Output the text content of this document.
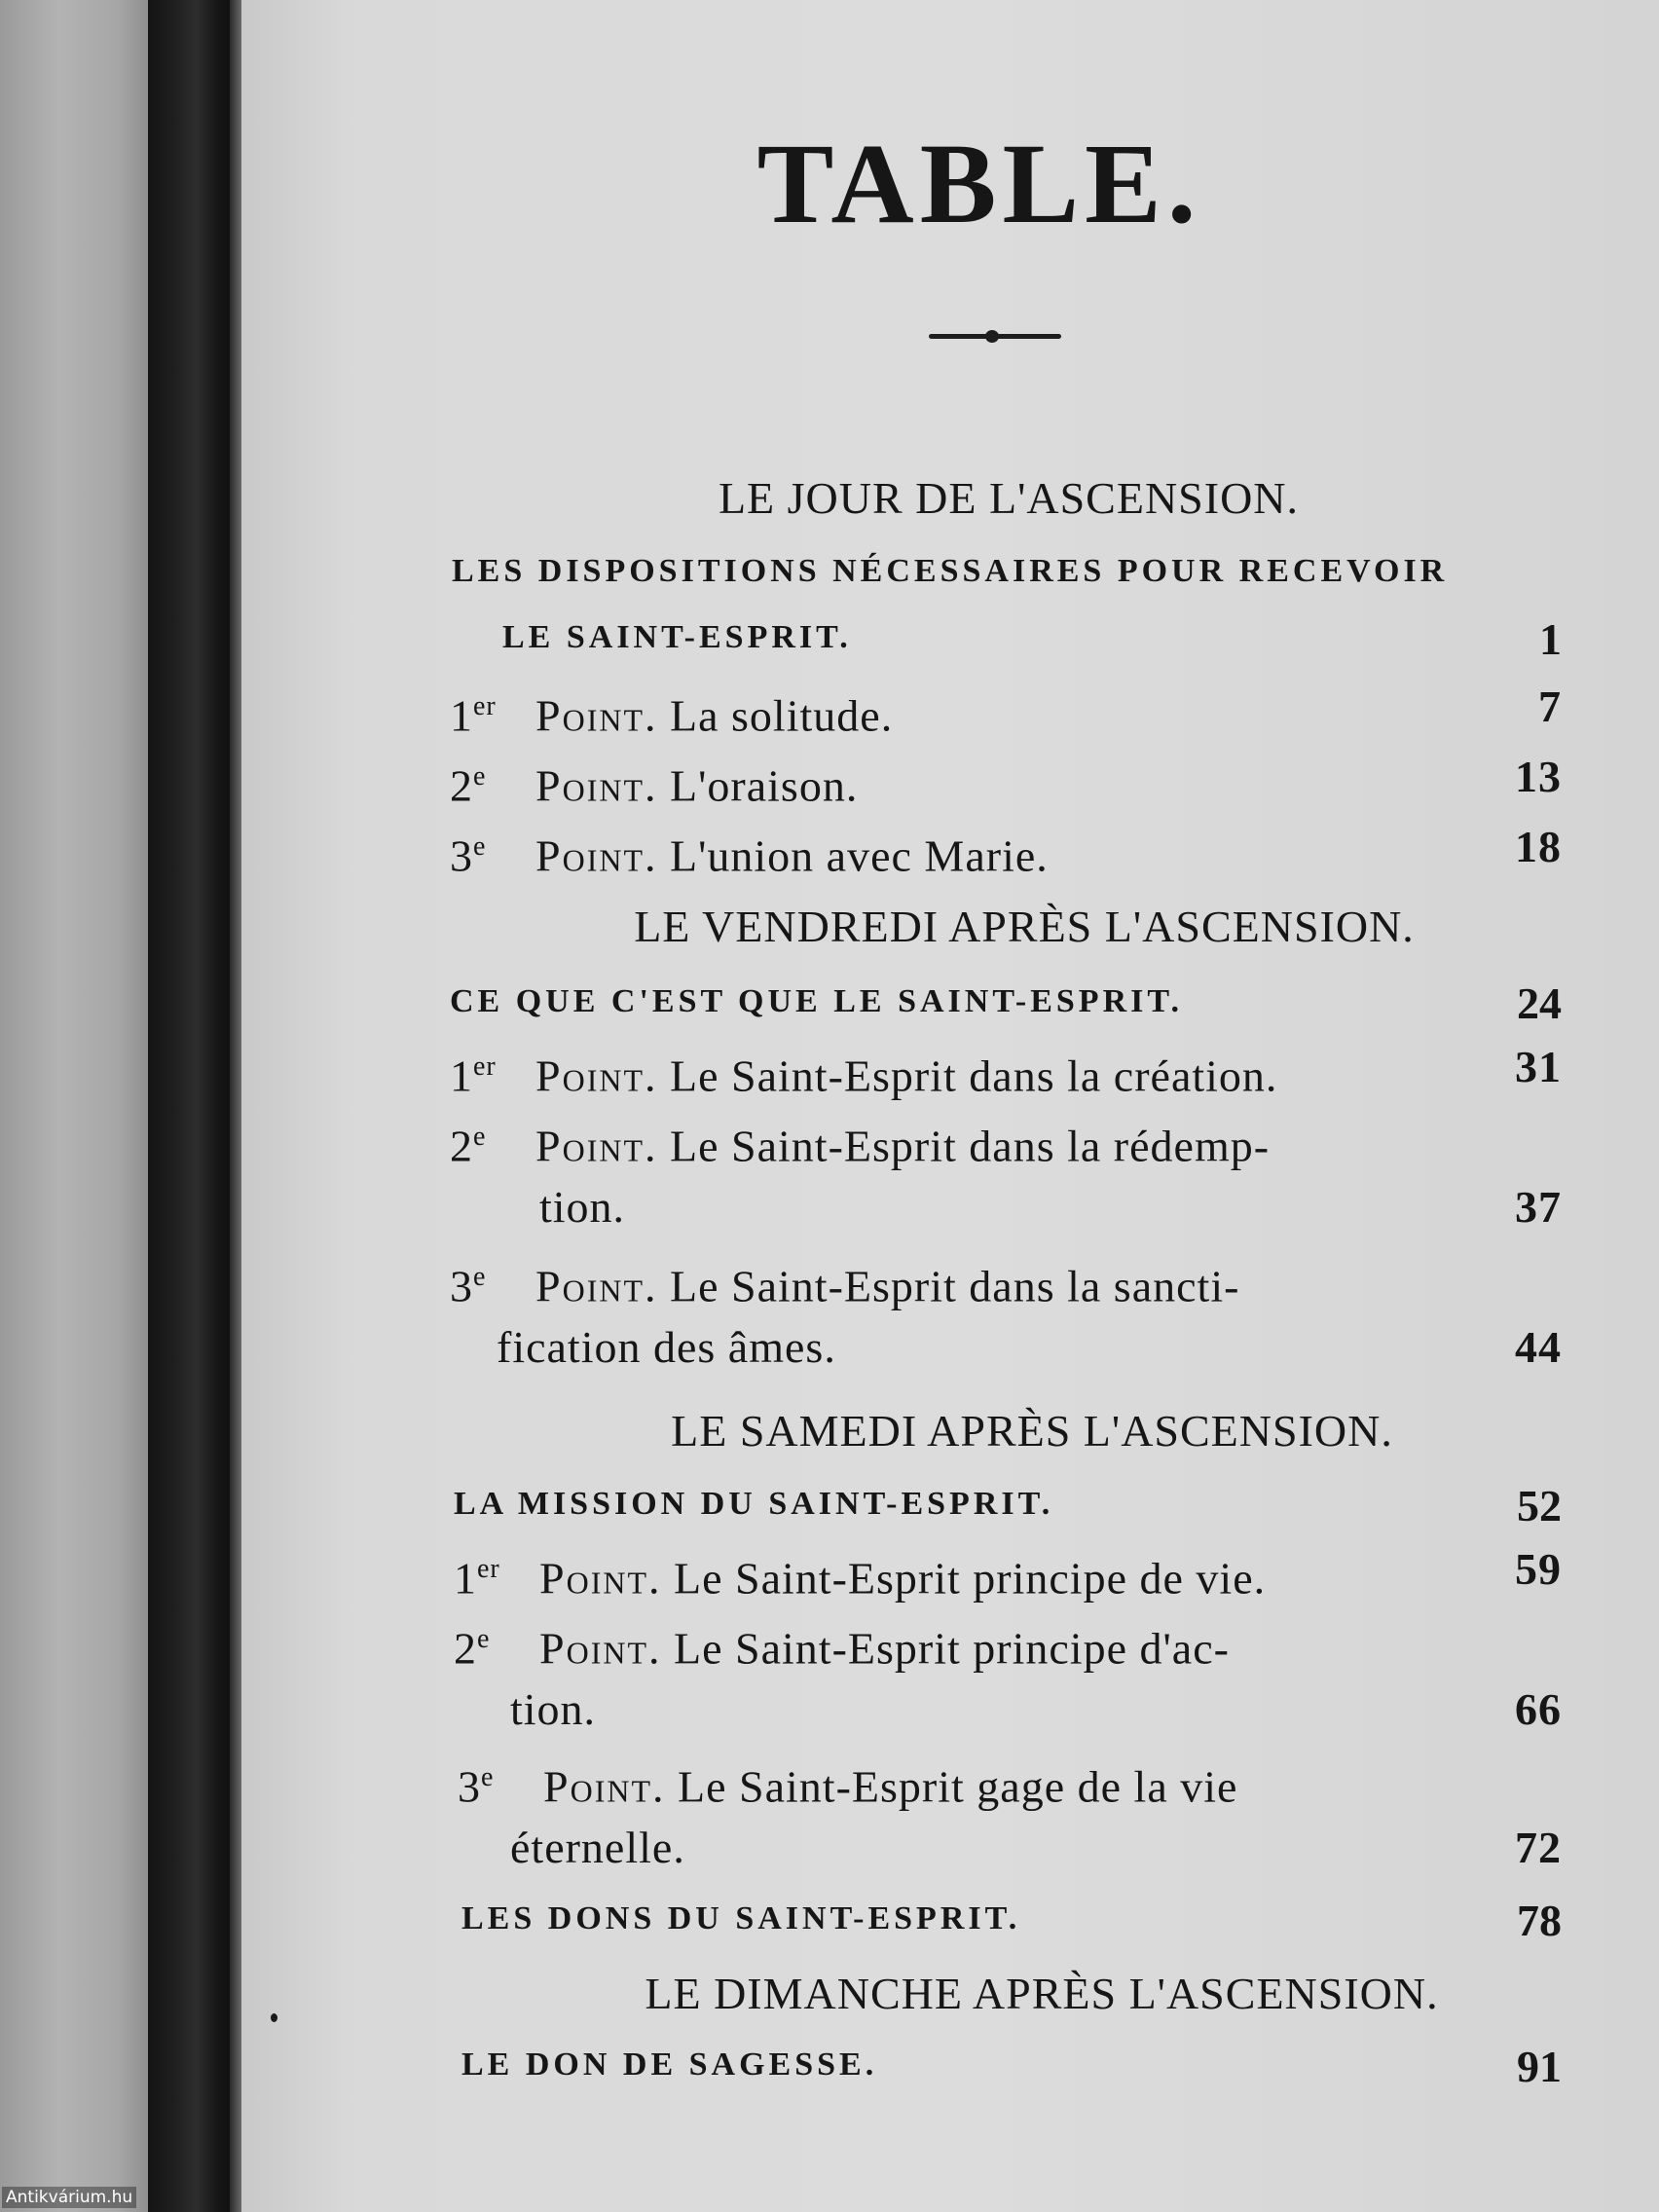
TABLE.
LE JOUR DE L'ASCENSION.
LES DISPOSITIONS NÉCESSAIRES POUR RECEVOIR
LE SAINT-ESPRIT.	1
1er Point. La solitude.	7
2e Point. L'oraison.	13
3e Point. L'union avec Marie.	18
LE VENDREDI APRÈS L'ASCENSION.
CE QUE C'EST QUE LE SAINT-ESPRIT.	24
1er Point. Le Saint-Esprit dans la création.	31
2e Point. Le Saint-Esprit dans la rédemp-
tion.	37
3e Point. Le Saint-Esprit dans la sancti-
fication des âmes.	44
LE SAMEDI APRÈS L'ASCENSION.
LA MISSION DU SAINT-ESPRIT.	52
1er Point. Le Saint-Esprit principe de vie.	59
2e Point. Le Saint-Esprit principe d'ac-
tion.	66
3e Point. Le Saint-Esprit gage de la vie
éternelle.	72
LES DONS DU SAINT-ESPRIT.	78
LE DIMANCHE APRÈS L'ASCENSION.
LE DON DE SAGESSE.	91
Antikvárium.hu
